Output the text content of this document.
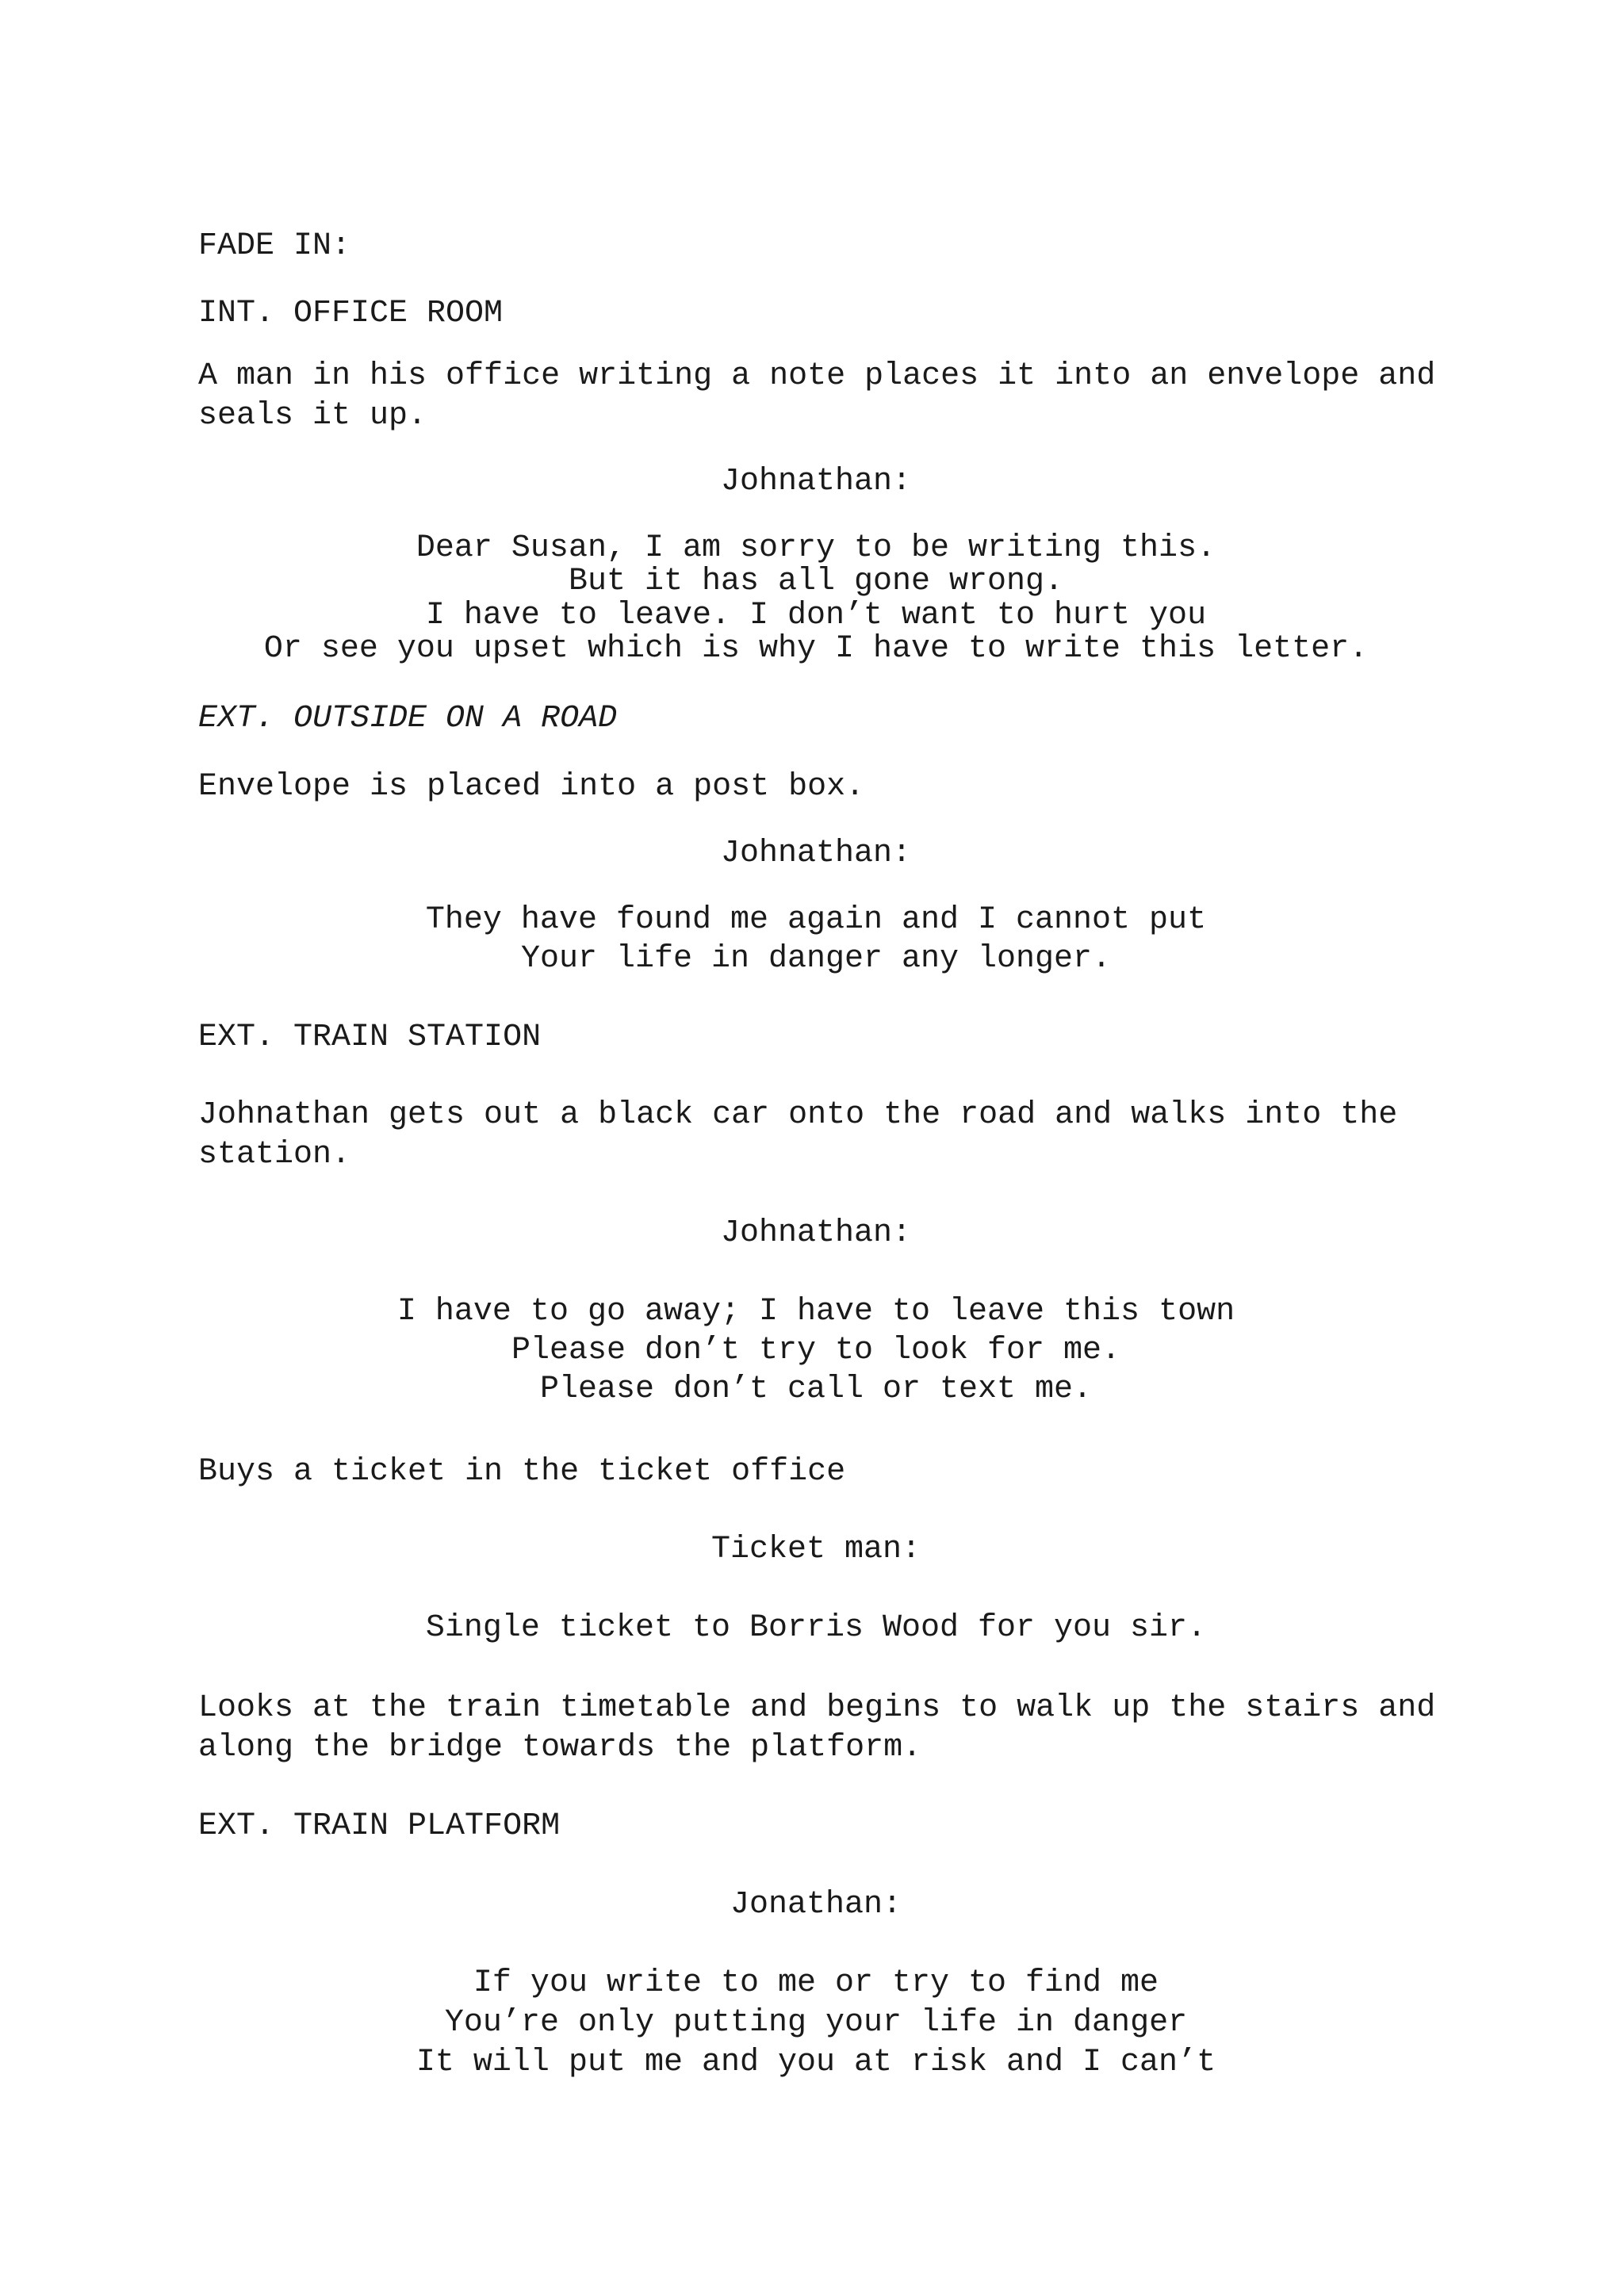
FADE IN:
INT. OFFICE ROOM
A man in his office writing a note places it into an envelope and
seals it up.
Johnathan:
Dear Susan, I am sorry to be writing this.
But it has all gone wrong.
I have to leave. I don’t want to hurt you
Or see you upset which is why I have to write this letter.
EXT. OUTSIDE ON A ROAD
Envelope is placed into a post box.
Johnathan:
They have found me again and I cannot put
Your life in danger any longer.
EXT. TRAIN STATION
Johnathan gets out a black car onto the road and walks into the
station.
Johnathan:
I have to go away; I have to leave this town
Please don’t try to look for me.
Please don’t call or text me.
Buys a ticket in the ticket office
Ticket man:
Single ticket to Borris Wood for you sir.
Looks at the train timetable and begins to walk up the stairs and
along the bridge towards the platform.
EXT. TRAIN PLATFORM
Jonathan:
If you write to me or try to find me
You’re only putting your life in danger
It will put me and you at risk and I can’t
